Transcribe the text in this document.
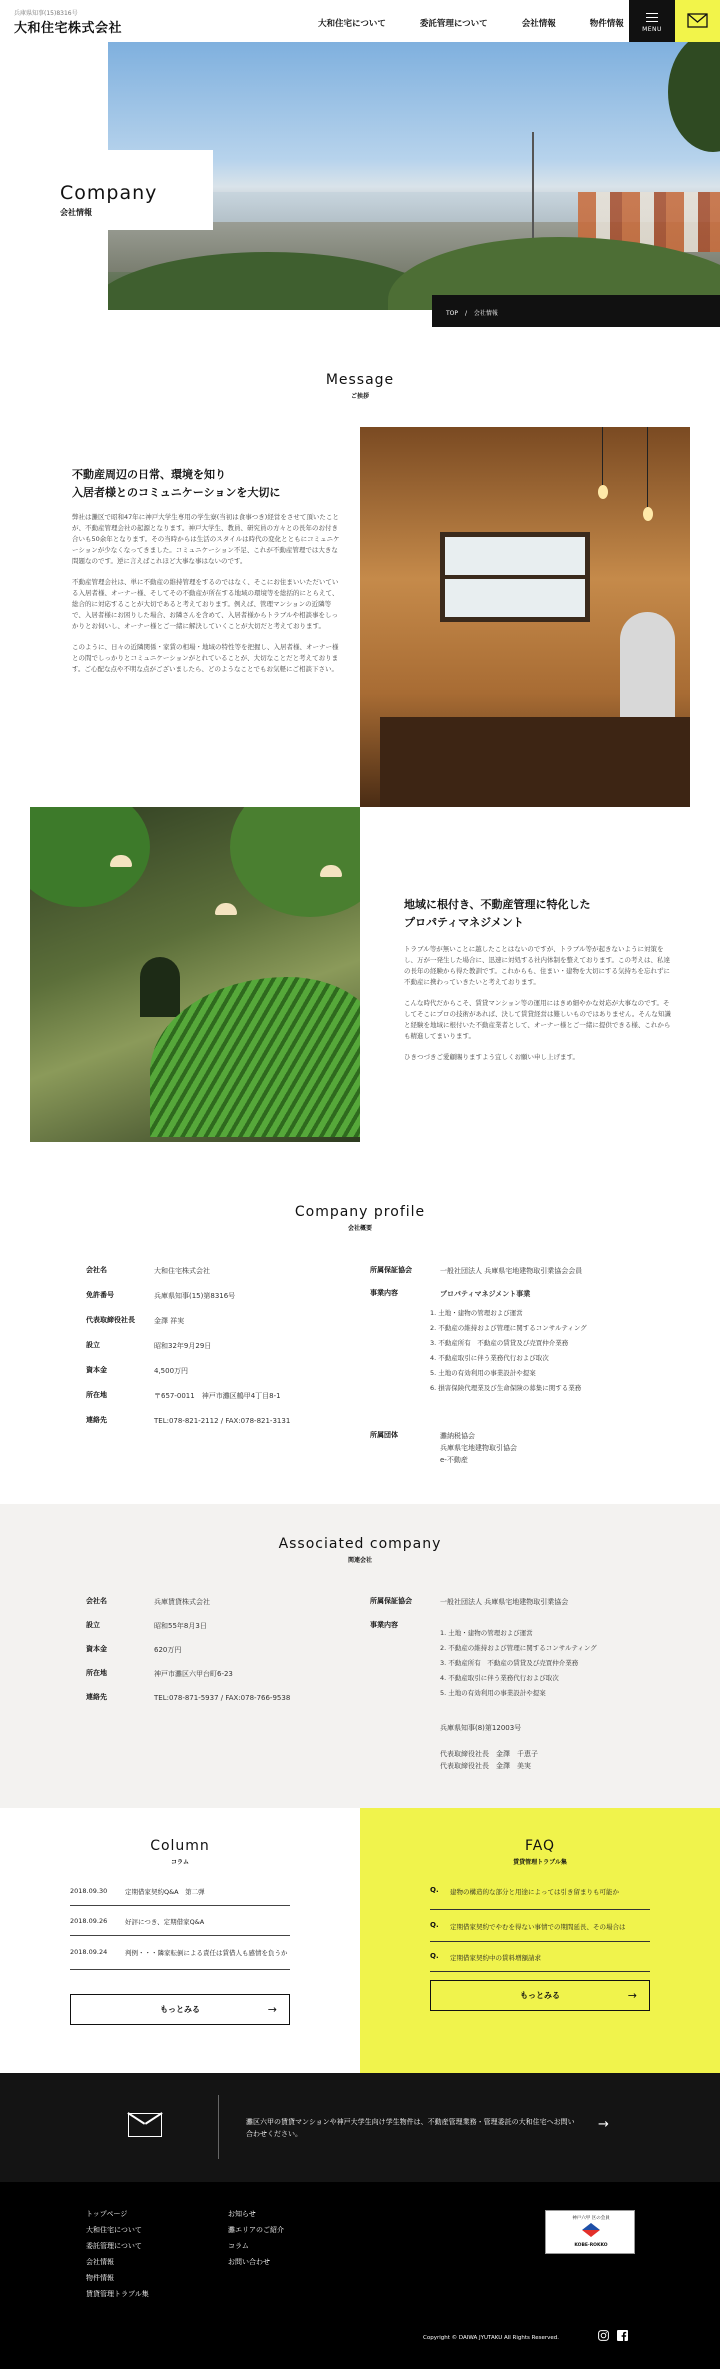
兵庫県知事(15)8316号
大和住宅株式会社	大和住宅について	委託管理について	会社情報	物件情報
MENU
Company
会社情報
TOP / 会社情報
Message
ご挨拶
不動産周辺の日常、環境を知り
入居者様とのコミュニケーションを大切に

弊社は灘区で昭和47年に神戸大学生専用の学生寮(当初は食事つき)経営をさせて頂いたことが、不動産管理会社の起源となります。神戸大学生、教員、研究員の方々との長年のお付き合いも50余年となります。その当時からは生活のスタイルは時代の変化とともにコミュニケーションが少なくなってきました。コミュニケーション不足、これが不動産管理では大きな問題なのです。逆に言えばこれほど大事な事はないのです。

不動産管理会社は、単に不動産の維持管理をするのではなく、そこにお住まいいただいている入居者様、オーナー様、そしてその不動産が所在する地域の環境等を総括的にとらえて、総合的に対応することが大切であると考えております。例えば、管理マンションの近隣等で、入居者様にお困りした場合、お隣さんを含めて、入居者様からトラブルや相談事をしっかりとお伺いし、オーナー様とご一緒に解決していくことが大切だと考えております。

このように、日々の近隣関係・家賃の相場・地域の特性等を把握し、入居者様、オーナー様との間でしっかりとコミュニケーションがとれていることが、大切なことだと考えております。ご心配な点や不明な点がございましたら、どのようなことでもお気軽にご相談下さい。

地域に根付き、不動産管理に特化した
プロパティマネジメント

トラブル等が無いことに越したことはないのですが、トラブル等が起きないように対策をし、万が一発生した場合に、迅速に対処する社内体制を整えております。この考えは、私達の長年の経験から得た教訓です。これからも、住まい・建物を大切にする気持ちを忘れずに不動産に携わっていきたいと考えております。

こんな時代だからこそ、賃貸マンション等の運用にはきめ細やかな対応が大事なのです。そしてそこにプロの技術があれば、決して賃貸経営は難しいものではありません。そんな知識と経験を地域に根付いた不動産業者として、オーナー様とご一緒に提供できる様、これからも精進してまいります。

ひきつづきご愛顧賜りますよう宜しくお願い申し上げます。

Company profile
会社概要
会社名	大和住宅株式会社
免許番号	兵庫県知事(15)第8316号
代表取締役社長	金澤 祥実
設立	昭和32年9月29日
資本金	4,500万円
所在地	〒657-0011　神戸市灘区鶴甲4丁目8-1
連絡先	TEL:078-821-2112 / FAX:078-821-3131
所属保証協会	一般社団法人 兵庫県宅地建物取引業協会会員
事業内容	プロパティマネジメント事業
1. 土地・建物の管理および運営
2. 不動産の維持および管理に関するコンサルティング
3. 不動産所有　不動産の賃貸及び売買仲介業務
4. 不動産取引に伴う業務代行および取次
5. 土地の有効利用の事業設計や提案
6. 損害保険代理業及び生命保険の募集に関する業務
所属団体	灘納税協会
兵庫県宅地建物取引協会
e-不動産
Associated company
関連会社
会社名	兵庫賃貸株式会社
設立	昭和55年8月3日
資本金	620万円
所在地	神戸市灘区六甲台町6-23
連絡先	TEL:078-871-5937 / FAX:078-766-9538
所属保証協会	一般社団法人 兵庫県宅地建物取引業協会
事業内容
1. 土地・建物の管理および運営
2. 不動産の維持および管理に関するコンサルティング
3. 不動産所有　不動産の賃貸及び売買仲介業務
4. 不動産取引に伴う業務代行および取次
5. 土地の有効利用の事業設計や提案
兵庫県知事(8)第12003号
代表取締役社長　金澤　千恵子
代表取締役社長　金澤　美実
Column
コラム
2018.09.30	定期借家契約Q&A　第二弾
2018.09.26	好評につき、定期借家Q&A
2018.09.24	判例・・・隣家転倒による責任は賃借人も感情を負うか
もっとみる	→
FAQ
賃貸管理トラブル集
Q. 建物の構造的な部分と用途によっては引き留まりも可能か
Q. 定期借家契約でやむを得ない事情での期間延長、その場合は
Q. 定期借家契約中の賃料増額請求
もっとみる	→
灘区六甲の賃貸マンションや神戸大学生向け学生物件は、不動産管理業務・管理委託の大和住宅へお問い合わせください。
→
トップページ
大和住宅について
委託管理について
会社情報
物件情報
賃貸管理トラブル集
お知らせ
灘エリアのご紹介
コラム
お問い合わせ
神戸六甲 区の会員
KOBE·ROKKO
Copyright © DAIWA JYUTAKU All Rights Reserved.
